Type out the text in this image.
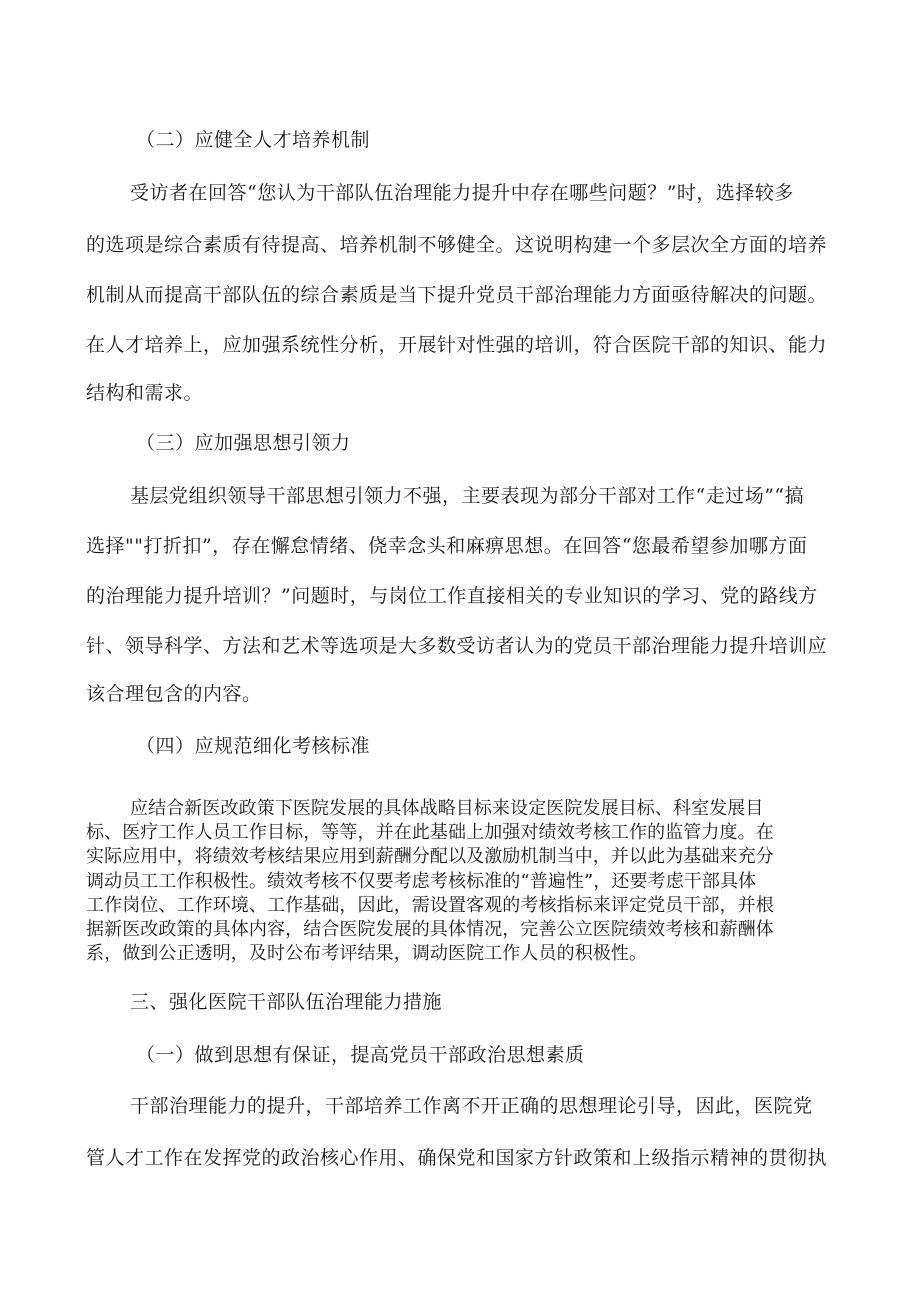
（二）应健全人才培养机制

受访者在回答“您认为干部队伍治理能力提升中存在哪些问题？”时，选择较多

的选项是综合素质有待提高、培养机制不够健全。这说明构建一个多层次全方面的培养

机制从而提高干部队伍的综合素质是当下提升党员干部治理能力方面亟待解决的问题。

在人才培养上，应加强系统性分析，开展针对性强的培训，符合医院干部的知识、能力

结构和需求。

（三）应加强思想引领力

基层党组织领导干部思想引领力不强，主要表现为部分干部对工作“走过场”“搞

选择""打折扣”，存在懈怠情绪、侥幸念头和麻痹思想。在回答“您最希望参加哪方面

的治理能力提升培训？”问题时，与岗位工作直接相关的专业知识的学习、党的路线方

针、领导科学、方法和艺术等选项是大多数受访者认为的党员干部治理能力提升培训应

该合理包含的内容。

（四）应规范细化考核标准

应结合新医改政策下医院发展的具体战略目标来设定医院发展目标、科室发展目

标、医疗工作人员工作目标，等等，并在此基础上加强对绩效考核工作的监管力度。在

实际应用中，将绩效考核结果应用到薪酬分配以及激励机制当中，并以此为基础来充分

调动员工工作积极性。绩效考核不仅要考虑考核标准的“普遍性”，还要考虑干部具体

工作岗位、工作环境、工作基础，因此，需设置客观的考核指标来评定党员干部，并根

据新医改政策的具体内容，结合医院发展的具体情况，完善公立医院绩效考核和薪酬体

系，做到公正透明，及时公布考评结果，调动医院工作人员的积极性。

三、强化医院干部队伍治理能力措施

（一）做到思想有保证，提高党员干部政治思想素质

干部治理能力的提升，干部培养工作离不开正确的思想理论引导，因此，医院党

管人才工作在发挥党的政治核心作用、确保党和国家方针政策和上级指示精神的贯彻执
